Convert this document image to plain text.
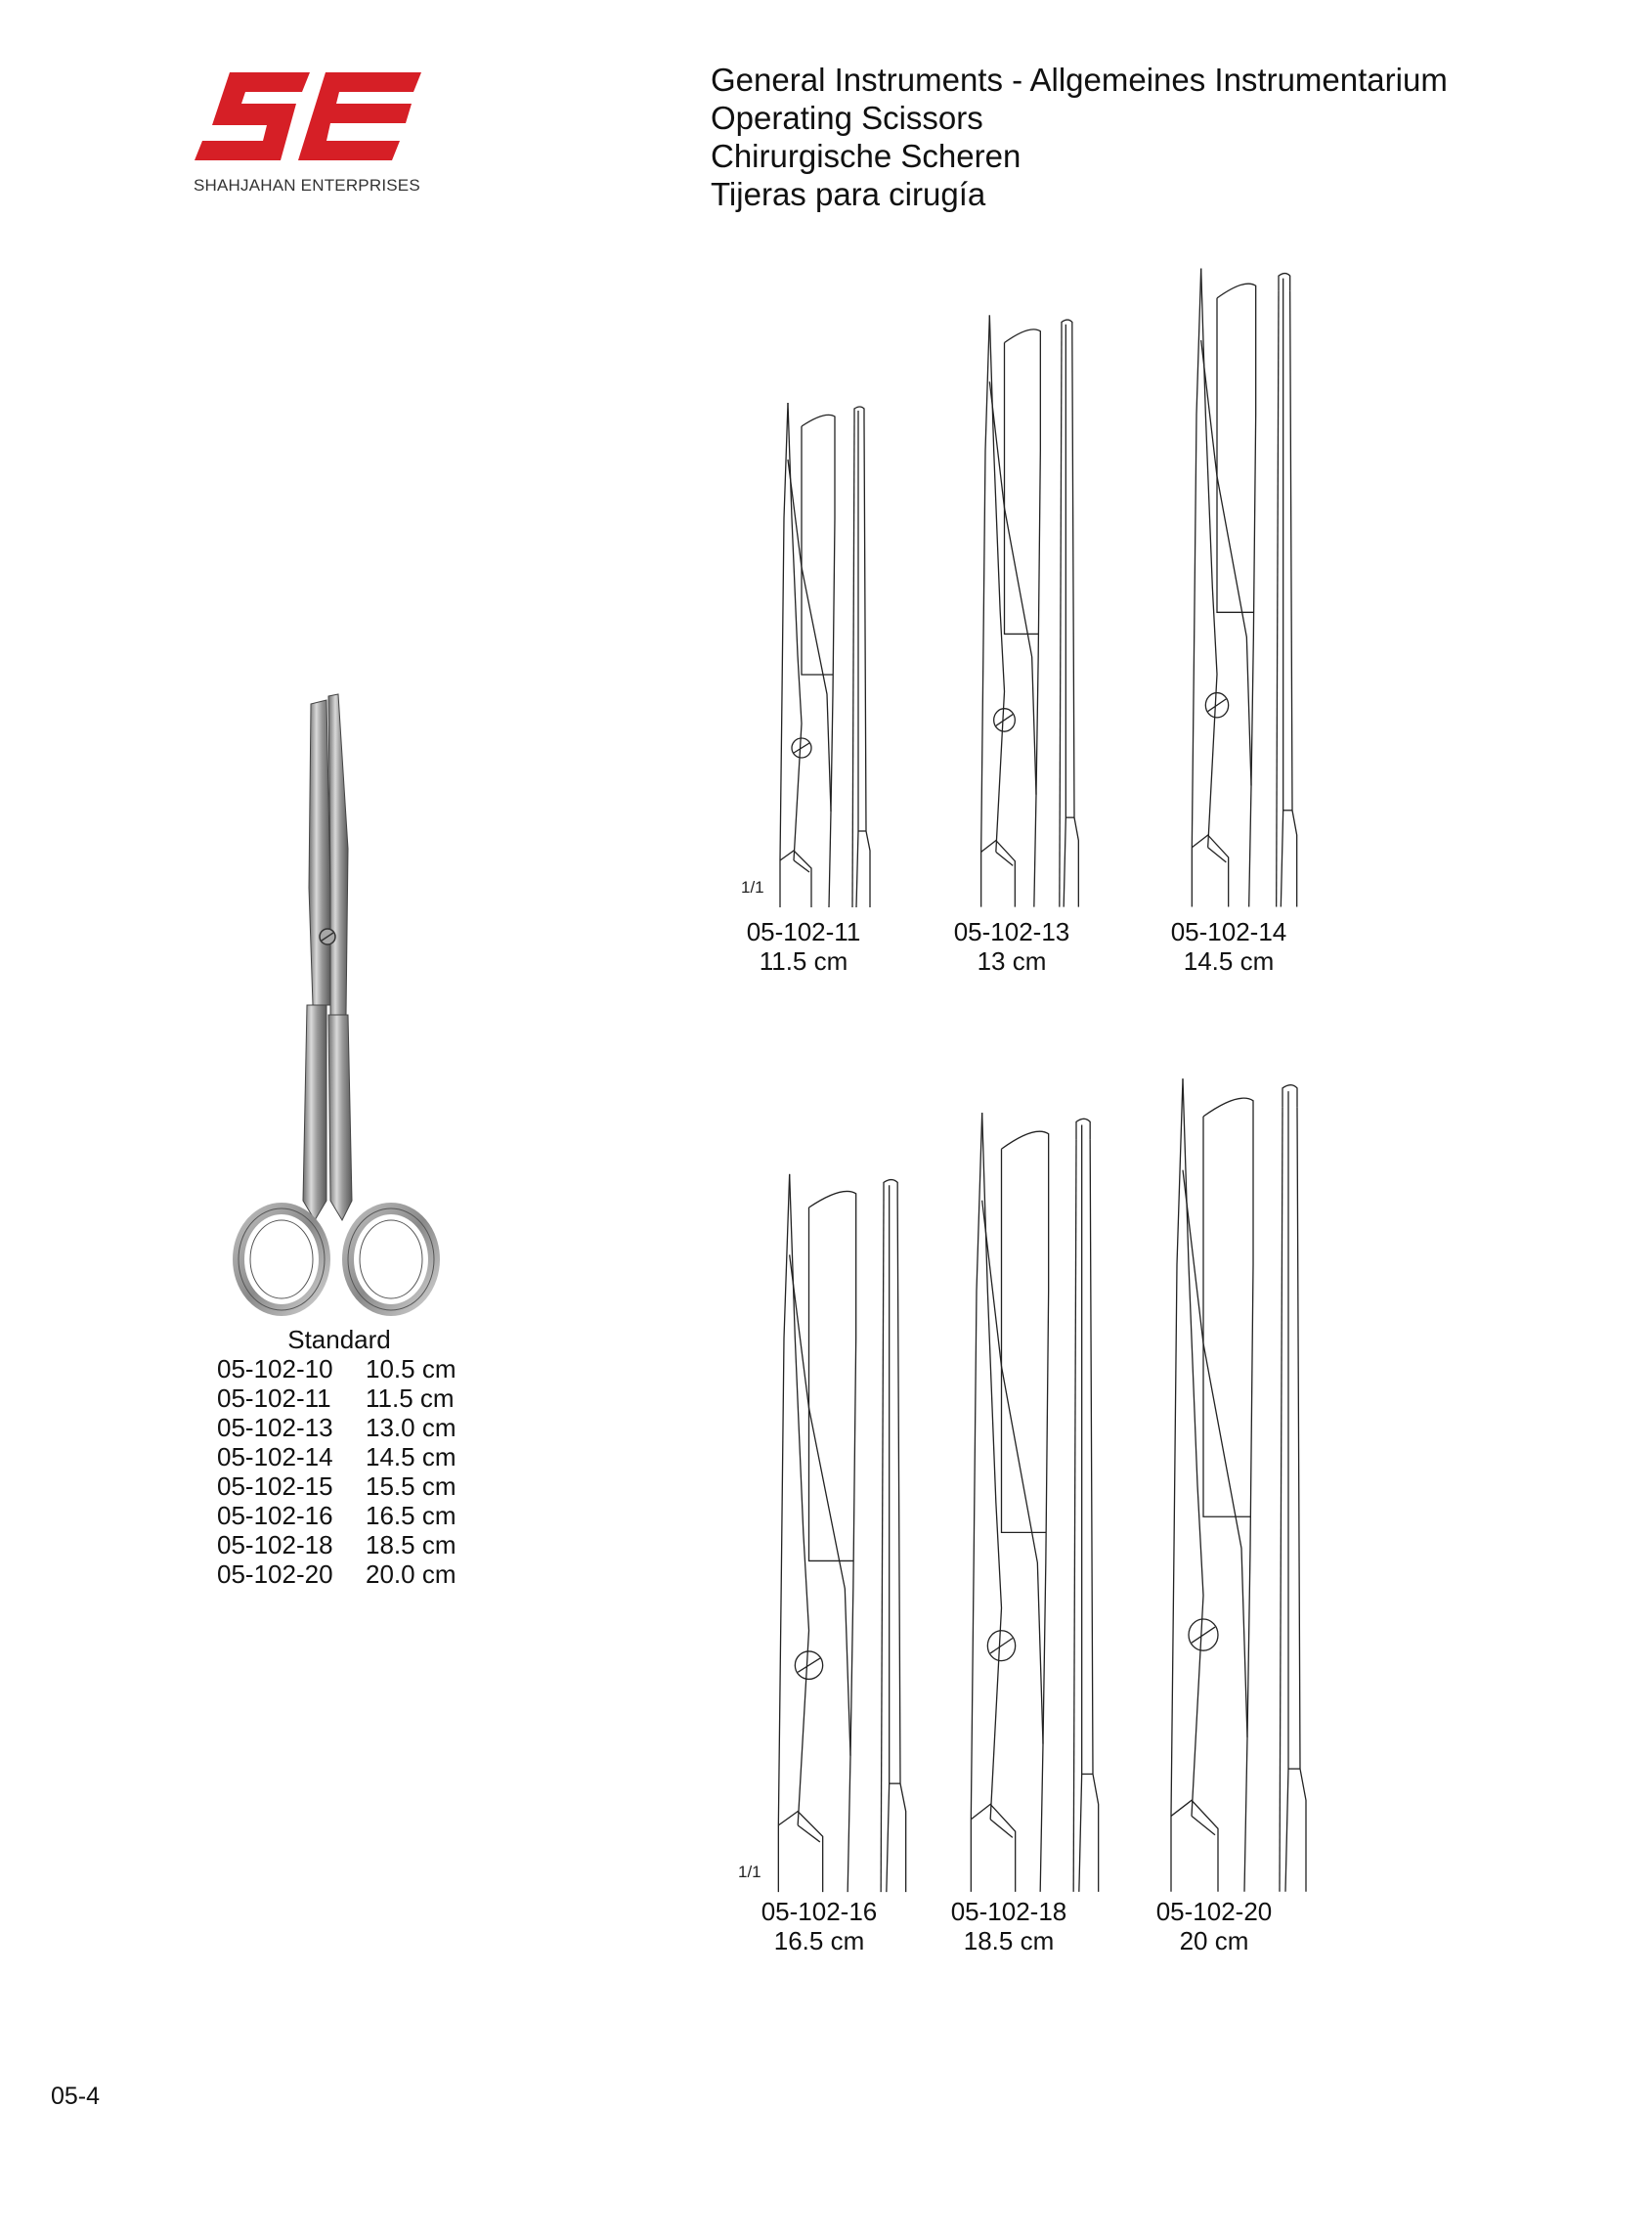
SHAHJAHAN ENTERPRISES
General Instruments - Allgemeines Instrumentarium
Operating Scissors
Chirurgische Scheren
Tijeras para cirugía
Standard
05-102-10	10.5 cm
05-102-11	11.5 cm
05-102-13	13.0 cm
05-102-14	14.5 cm
05-102-15	15.5 cm
05-102-16	16.5 cm
05-102-18	18.5 cm
05-102-20	20.0 cm
1/1
05-102-11
11.5 cm
05-102-13
13 cm
05-102-14
14.5 cm
1/1
05-102-16
16.5 cm
05-102-18
18.5 cm
05-102-20
20 cm
05-4
